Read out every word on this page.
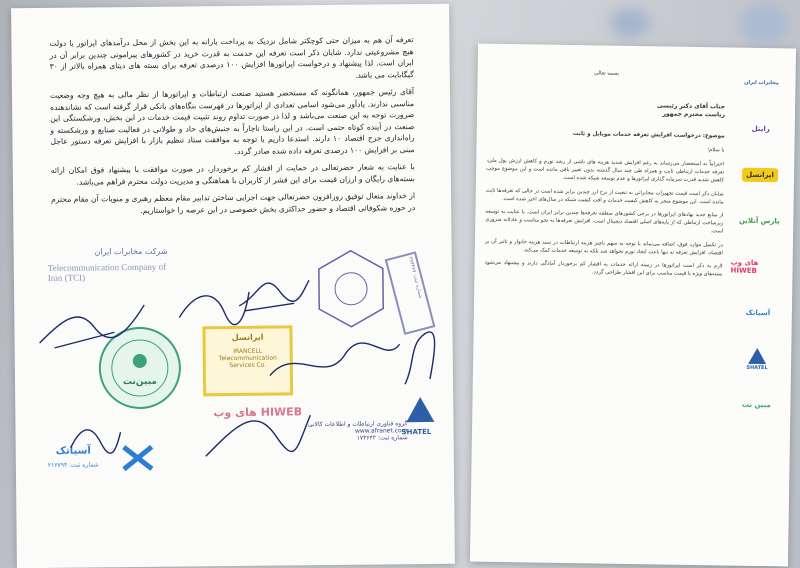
تعرفه آن هم به میزان حتی کوچکتر شامل نزدیک به پرداخت یارانه به این بخش از محل درآمدهای اپراتور یا دولت هیچ مشروعیتی ندارد. شایان ذکر است تعرفه این خدمت به قدرت خرید در کشورهای پیرامونی چندین برابر آن در ایران است. لذا پیشنهاد و درخواست اپراتورها افزایش ۱۰۰ درصدی تعرفه برای بسته های دیتای همراه بالاتر از ۳۰ گیگابایت می باشد.

آقای رئیس جمهور، همانگونه که مستحضر هستید صنعت ارتباطات و اپراتورها از نظر مالی به هیچ وجه وضعیت مناسبی ندارند. یادآور می‌شود اسامی تعدادی از اپراتورها در فهرست بنگاه‌های بانکی قرار گرفته است که نشاندهنده ضرورت توجه به این صنعت می‌باشد و لذا در صورت تداوم روند تثبیت قیمت خدمات در این بخش، ورشکستگی این صنعت در آینده کوتاه حتمی است. در این راستا ناچاراً به جنبش‌های حاد و طولانی در فعالیت صنایع و ورشکسته و راه‌اندازی جرح اقتصاد ۱۰ دارند. استدعا داریم با توجه به موافقت ستاد تنظیم بازار با افزایش تعرفه دستور عاجل مبنی بر افزایش ۱۰۰ درصدی تعرفه داده شده صادر گردد.

با عنایت به شعار حضرتعالی در حمایت از اقشار کم برخوردار، در صورت موافقت با پیشنهاد فوق امکان ارائه بسته‌های رایگان و ارزان قیمت برای این قشر از کاربران با هماهنگی و مدیریت دولت محترم فراهم می‌باشد.

از خداوند متعال توفیق روزافزون حضرتعالی جهت اجرایی ساختن تدابیر مقام معظم رهبری و منویات آن مقام محترم در حوزه شکوفائی اقتصاد و حضور حداکثری بخش خصوصی در این عرصه را خواستاریم.

شرکت مخابرات ایران
Telecommunication Company of Iran (TCI)
شماره ثبت: ۲۹۴۴۷۷
مبین‌نت
ایرانسل
IRANCELL Telecommunication Services Co.
های وب HIWEB
گروه فناوری ارتباطات و اطلاعات کالانی
www.afranet.com
شماره ثبت: ۱۷۳۶۴۲
SHATEL
آسیاتک
شماره ثبت: ۲۱۶۷۹۴
بسمه تعالی
جناب آقای دکتر رئیسی
ریاست محترم جمهور
موضوع: درخواست افزایش تعرفه خدمات موبایل و ثابت
با سلام؛

احتراماً به استحضار می‌رساند به رغم افزایش شدید هزینه های ناشی از رشد تورم و کاهش ارزش پول ملی، تعرفه خدمات ارتباطی ثابت و همراه طی چند سال گذشته بدون تغییر باقی مانده است و این موضوع موجب کاهش شدید قدرت سرمایه گذاری اپراتورها و عدم توسعه شبکه شده است.

شایان ذکر است قیمت تجهیزات مخابراتی به تبعیت از نرخ ارز چندین برابر شده است در حالی که تعرفه‌ها ثابت مانده است. این موضوع منجر به کاهش کیفیت خدمات و افت کیفیت شبکه در سال‌های اخیر شده است.

از منابع جدید نهادهای اپراتورها در برخی کشورهای منطقه تعرفه‌ها چندین برابر ایران است. با عنایت به توسعه زیرساخت ارتباطی که از پایه‌های اصلی اقتصاد دیجیتال است، افزایش تعرفه‌ها به نحو مناسب و عادلانه ضروری است.

در تکمیل موارد فوق، اضافه می‌نماید با توجه به سهم ناچیز هزینه ارتباطات در سبد هزینه خانوار و تاثیر آن بر اقتصاد، افزایش تعرفه نه تنها باعث ایجاد تورم نخواهد شد بلکه به توسعه خدمات کمک می‌کند.

لازم به ذکر است اپراتورها در زمینه ارائه خدمات به اقشار کم برخوردار آمادگی دارند و پیشنهاد می‌شود بسته‌های ویژه با قیمت مناسب برای این اقشار طراحی گردد.

مخابرات ایران
رایتل
ایرانسل
پارس آنلاین
های وب HIWEB
آسیاتک
SHATEL
مبین نت
